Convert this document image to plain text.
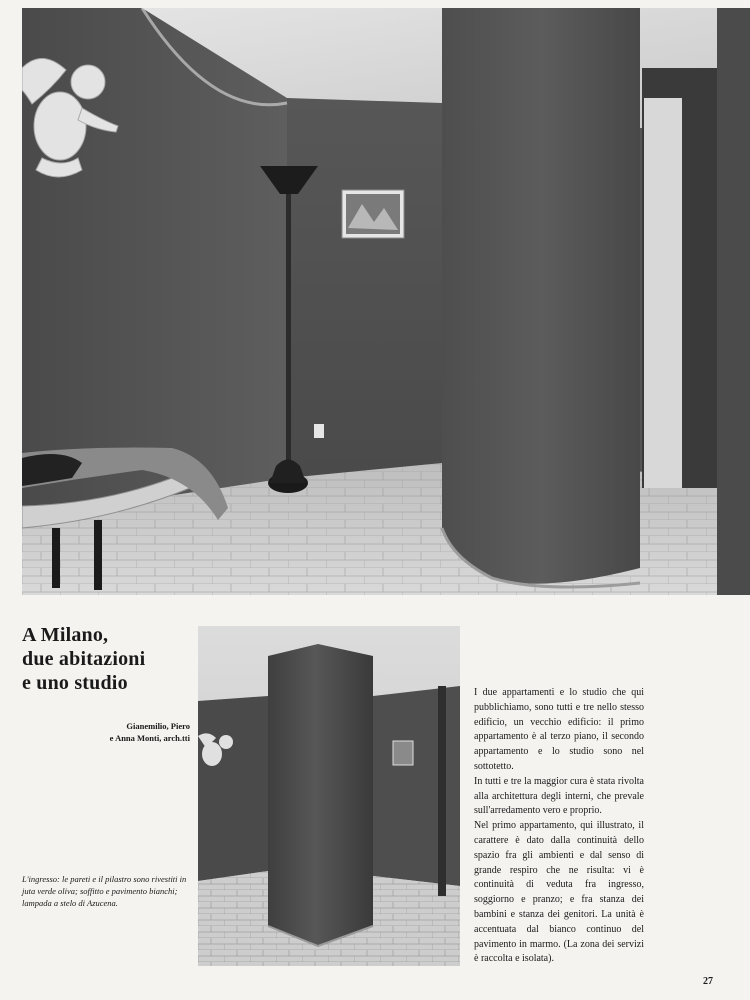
A Milano,
due abitazioni
e uno studio
Gianemilio, Piero
e Anna Monti, arch.tti
L'ingresso: le pareti e il pilastro sono rivestiti in juta verde oliva; soffitto e pavimento bianchi; lampada a stelo di Azucena.

I due appartamenti e lo studio che qui pubblichiamo, sono tutti e tre nello stesso edificio, un vecchio edificio: il primo appartamento è al terzo piano, il secondo appartamento e lo studio sono nel sottotetto.

In tutti e tre la maggior cura è stata rivolta alla architettura degli interni, che prevale sull'arredamento vero e proprio.

Nel primo appartamento, qui illustrato, il carattere è dato dalla continuità dello spazio fra gli ambienti e dal senso di grande respiro che ne risulta: vi è continuità di veduta fra ingresso, soggiorno e pranzo; e fra stanza dei bambini e stanza dei genitori. La unità è accentuata dal bianco continuo del pavimento in marmo. (La zona dei servizi è raccolta e isolata).

27
